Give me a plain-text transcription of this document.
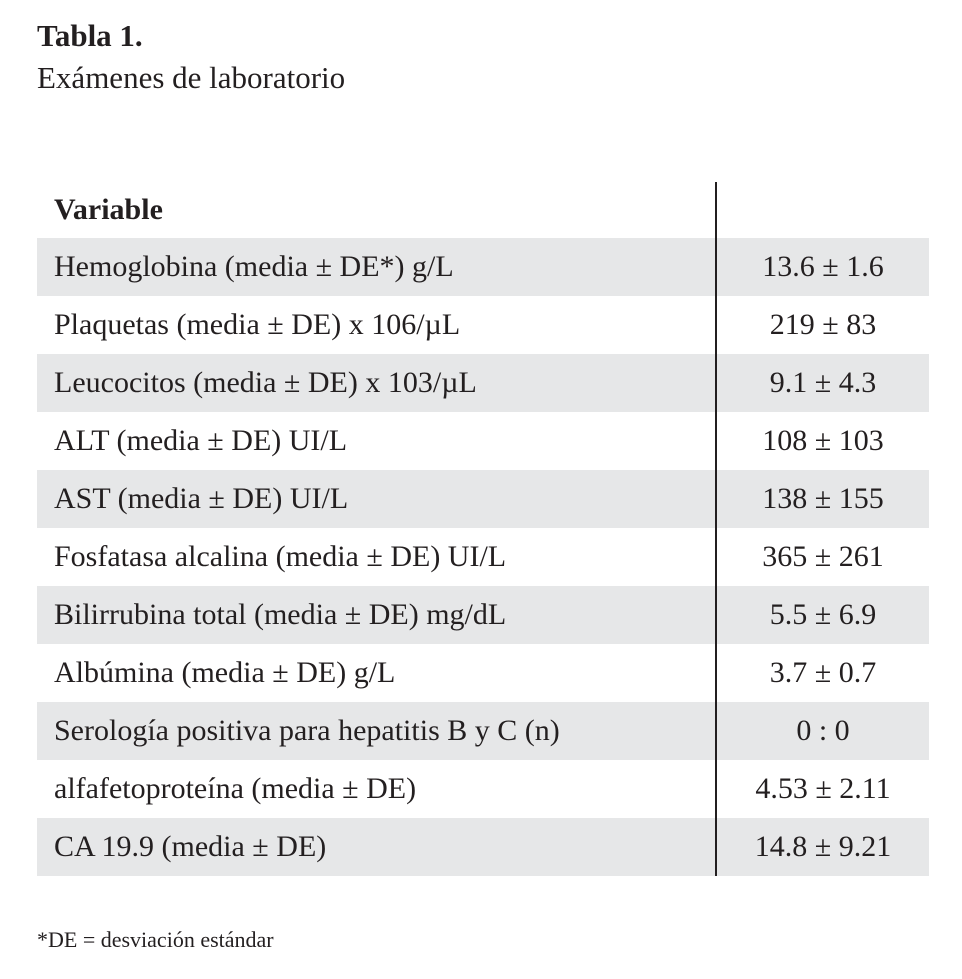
Tabla 1.
Exámenes de laboratorio
Variable
Hemoglobina (media ± DE*) g/L	13.6 ± 1.6
Plaquetas (media ± DE) x 106/µL	219 ± 83
Leucocitos (media ± DE) x 103/µL	9.1 ± 4.3
ALT (media ± DE) UI/L	108 ± 103
AST (media ± DE) UI/L	138 ± 155
Fosfatasa alcalina (media ± DE) UI/L	365 ± 261
Bilirrubina total (media ± DE) mg/dL	5.5 ± 6.9
Albúmina (media ± DE) g/L	3.7 ± 0.7
Serología positiva para hepatitis B y C (n)	0 : 0
alfafetoproteína (media ± DE)	4.53 ± 2.11
CA 19.9 (media ± DE)	14.8 ± 9.21
*DE = desviación estándar
